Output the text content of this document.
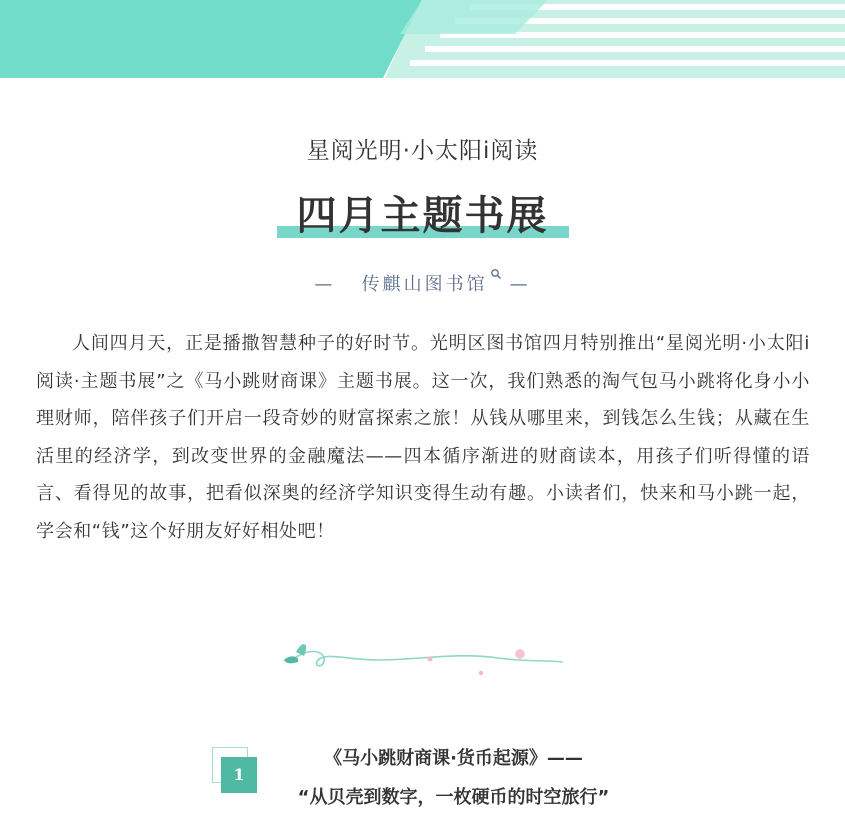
星阅光明·小太阳i阅读
四月主题书展
— 传麒山图书馆 —

人间四月天，正是播撒智慧种子的好时节。光明区图书馆四月特别推出“星阅光明·小太阳i阅读·主题书展”之《马小跳财商课》主题书展。这一次，我们熟悉的淘气包马小跳将化身小小理财师，陪伴孩子们开启一段奇妙的财富探索之旅！从钱从哪里来，到钱怎么生钱；从藏在生活里的经济学，到改变世界的金融魔法——四本循序渐进的财商读本，用孩子们听得懂的语言、看得见的故事，把看似深奥的经济学知识变得生动有趣。小读者们，快来和马小跳一起，学会和“钱”这个好朋友好好相处吧！

1
《马小跳财商课·货币起源》——
“从贝壳到数字，一枚硬币的时空旅行”
